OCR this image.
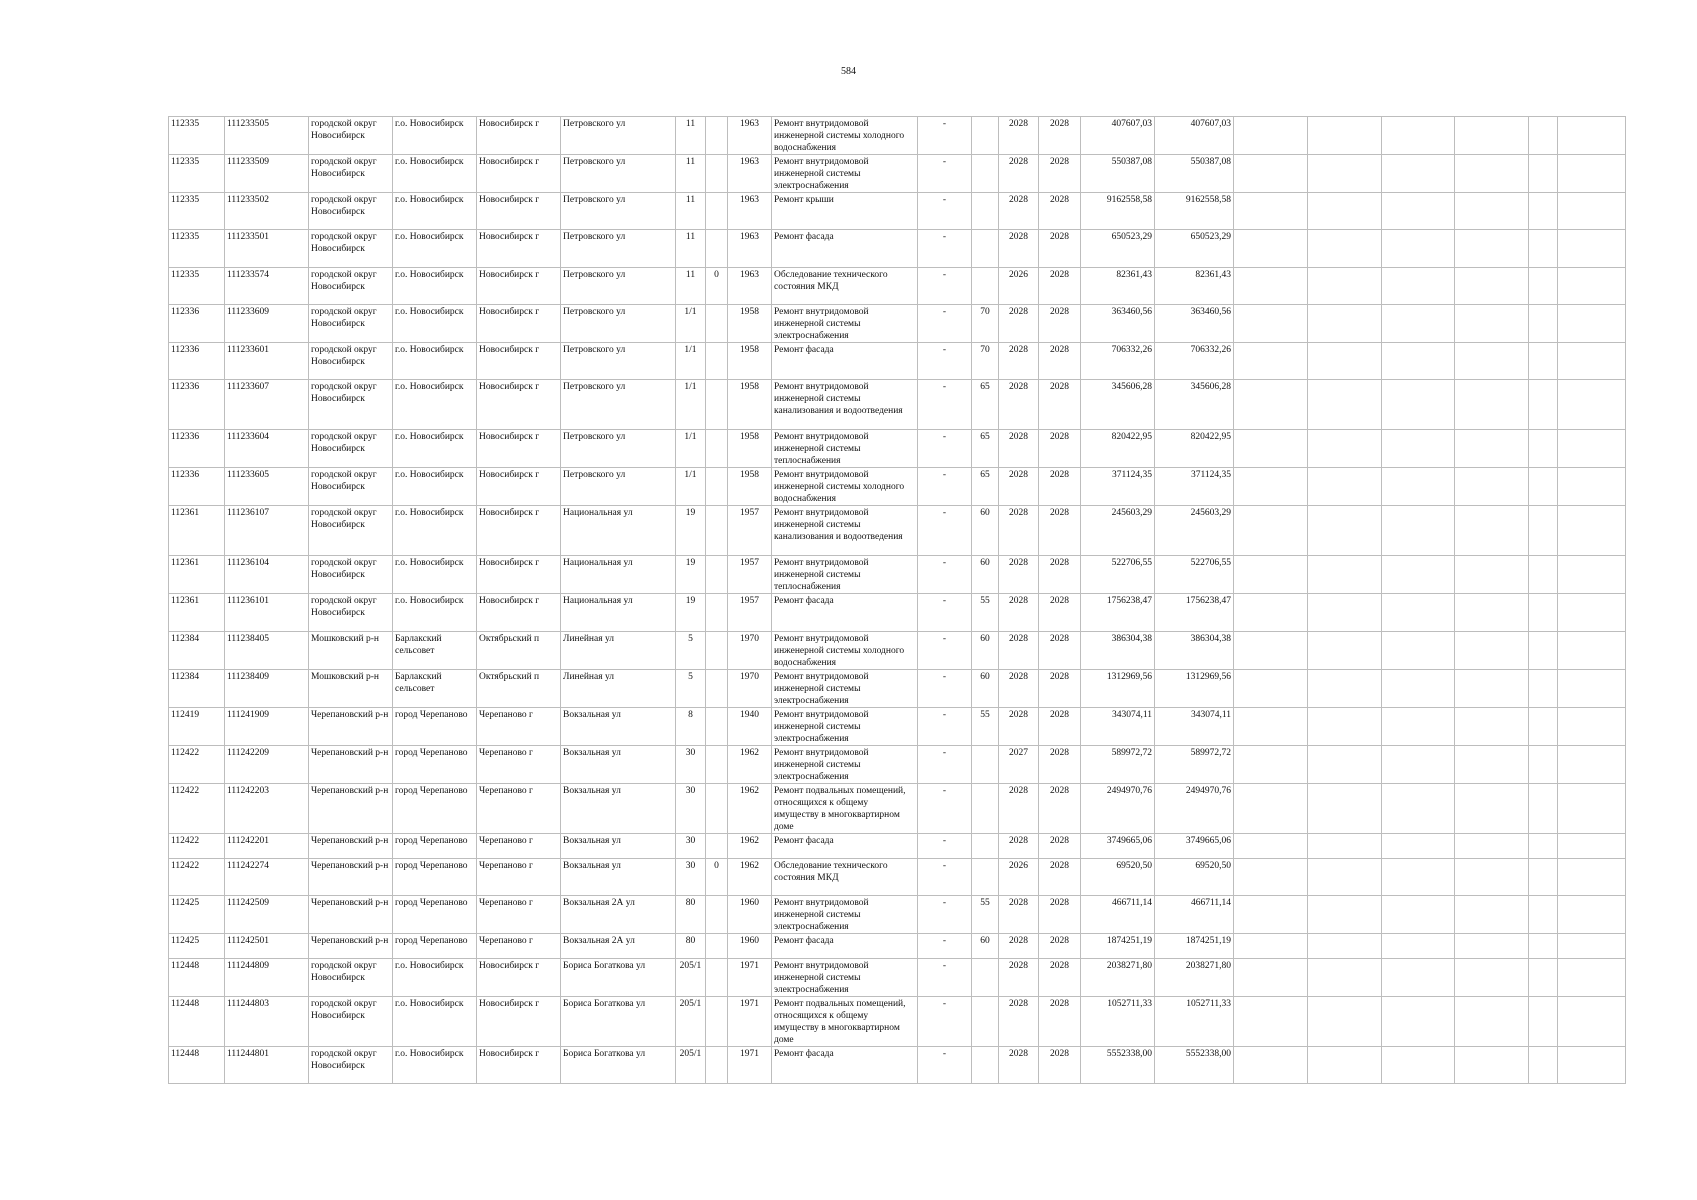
584
112335	111233505	городской округ Новосибирск	г.о. Новосибирск	Новосибирск г	Петровского ул	11		1963	Ремонт внутридомовой инженерной системы холодного водоснабжения	-		2028	2028	407607,03	407607,03						
112335	111233509	городской округ Новосибирск	г.о. Новосибирск	Новосибирск г	Петровского ул	11		1963	Ремонт внутридомовой инженерной системы электроснабжения	-		2028	2028	550387,08	550387,08						
112335	111233502	городской округ Новосибирск	г.о. Новосибирск	Новосибирск г	Петровского ул	11		1963	Ремонт крыши	-		2028	2028	9162558,58	9162558,58						
112335	111233501	городской округ Новосибирск	г.о. Новосибирск	Новосибирск г	Петровского ул	11		1963	Ремонт фасада	-		2028	2028	650523,29	650523,29						
112335	111233574	городской округ Новосибирск	г.о. Новосибирск	Новосибирск г	Петровского ул	11	0	1963	Обследование технического состояния МКД	-		2026	2028	82361,43	82361,43						
112336	111233609	городской округ Новосибирск	г.о. Новосибирск	Новосибирск г	Петровского ул	1/1		1958	Ремонт внутридомовой инженерной системы электроснабжения	-	70	2028	2028	363460,56	363460,56						
112336	111233601	городской округ Новосибирск	г.о. Новосибирск	Новосибирск г	Петровского ул	1/1		1958	Ремонт фасада	-	70	2028	2028	706332,26	706332,26						
112336	111233607	городской округ Новосибирск	г.о. Новосибирск	Новосибирск г	Петровского ул	1/1		1958	Ремонт внутридомовой инженерной системы канализования и водоотведения	-	65	2028	2028	345606,28	345606,28						
112336	111233604	городской округ Новосибирск	г.о. Новосибирск	Новосибирск г	Петровского ул	1/1		1958	Ремонт внутридомовой инженерной системы теплоснабжения	-	65	2028	2028	820422,95	820422,95						
112336	111233605	городской округ Новосибирск	г.о. Новосибирск	Новосибирск г	Петровского ул	1/1		1958	Ремонт внутридомовой инженерной системы холодного водоснабжения	-	65	2028	2028	371124,35	371124,35						
112361	111236107	городской округ Новосибирск	г.о. Новосибирск	Новосибирск г	Национальная ул	19		1957	Ремонт внутридомовой инженерной системы канализования и водоотведения	-	60	2028	2028	245603,29	245603,29						
112361	111236104	городской округ Новосибирск	г.о. Новосибирск	Новосибирск г	Национальная ул	19		1957	Ремонт внутридомовой инженерной системы теплоснабжения	-	60	2028	2028	522706,55	522706,55						
112361	111236101	городской округ Новосибирск	г.о. Новосибирск	Новосибирск г	Национальная ул	19		1957	Ремонт фасада	-	55	2028	2028	1756238,47	1756238,47						
112384	111238405	Мошковский р-н	Барлакский сельсовет	Октябрьский п	Линейная ул	5		1970	Ремонт внутридомовой инженерной системы холодного водоснабжения	-	60	2028	2028	386304,38	386304,38						
112384	111238409	Мошковский р-н	Барлакский сельсовет	Октябрьский п	Линейная ул	5		1970	Ремонт внутридомовой инженерной системы электроснабжения	-	60	2028	2028	1312969,56	1312969,56						
112419	111241909	Черепановский р-н	город Черепаново	Черепаново г	Вокзальная ул	8		1940	Ремонт внутридомовой инженерной системы электроснабжения	-	55	2028	2028	343074,11	343074,11						
112422	111242209	Черепановский р-н	город Черепаново	Черепаново г	Вокзальная ул	30		1962	Ремонт внутридомовой инженерной системы электроснабжения	-		2027	2028	589972,72	589972,72						
112422	111242203	Черепановский р-н	город Черепаново	Черепаново г	Вокзальная ул	30		1962	Ремонт подвальных помещений, относящихся к общему имуществу в многоквартирном доме	-		2028	2028	2494970,76	2494970,76						
112422	111242201	Черепановский р-н	город Черепаново	Черепаново г	Вокзальная ул	30		1962	Ремонт фасада	-		2028	2028	3749665,06	3749665,06						
112422	111242274	Черепановский р-н	город Черепаново	Черепаново г	Вокзальная ул	30	0	1962	Обследование технического состояния МКД	-		2026	2028	69520,50	69520,50						
112425	111242509	Черепановский р-н	город Черепаново	Черепаново г	Вокзальная 2А ул	80		1960	Ремонт внутридомовой инженерной системы электроснабжения	-	55	2028	2028	466711,14	466711,14						
112425	111242501	Черепановский р-н	город Черепаново	Черепаново г	Вокзальная 2А ул	80		1960	Ремонт фасада	-	60	2028	2028	1874251,19	1874251,19						
112448	111244809	городской округ Новосибирск	г.о. Новосибирск	Новосибирск г	Бориса Богаткова ул	205/1		1971	Ремонт внутридомовой инженерной системы электроснабжения	-		2028	2028	2038271,80	2038271,80						
112448	111244803	городской округ Новосибирск	г.о. Новосибирск	Новосибирск г	Бориса Богаткова ул	205/1		1971	Ремонт подвальных помещений, относящихся к общему имуществу в многоквартирном доме	-		2028	2028	1052711,33	1052711,33						
112448	111244801	городской округ Новосибирск	г.о. Новосибирск	Новосибирск г	Бориса Богаткова ул	205/1		1971	Ремонт фасада	-		2028	2028	5552338,00	5552338,00						
